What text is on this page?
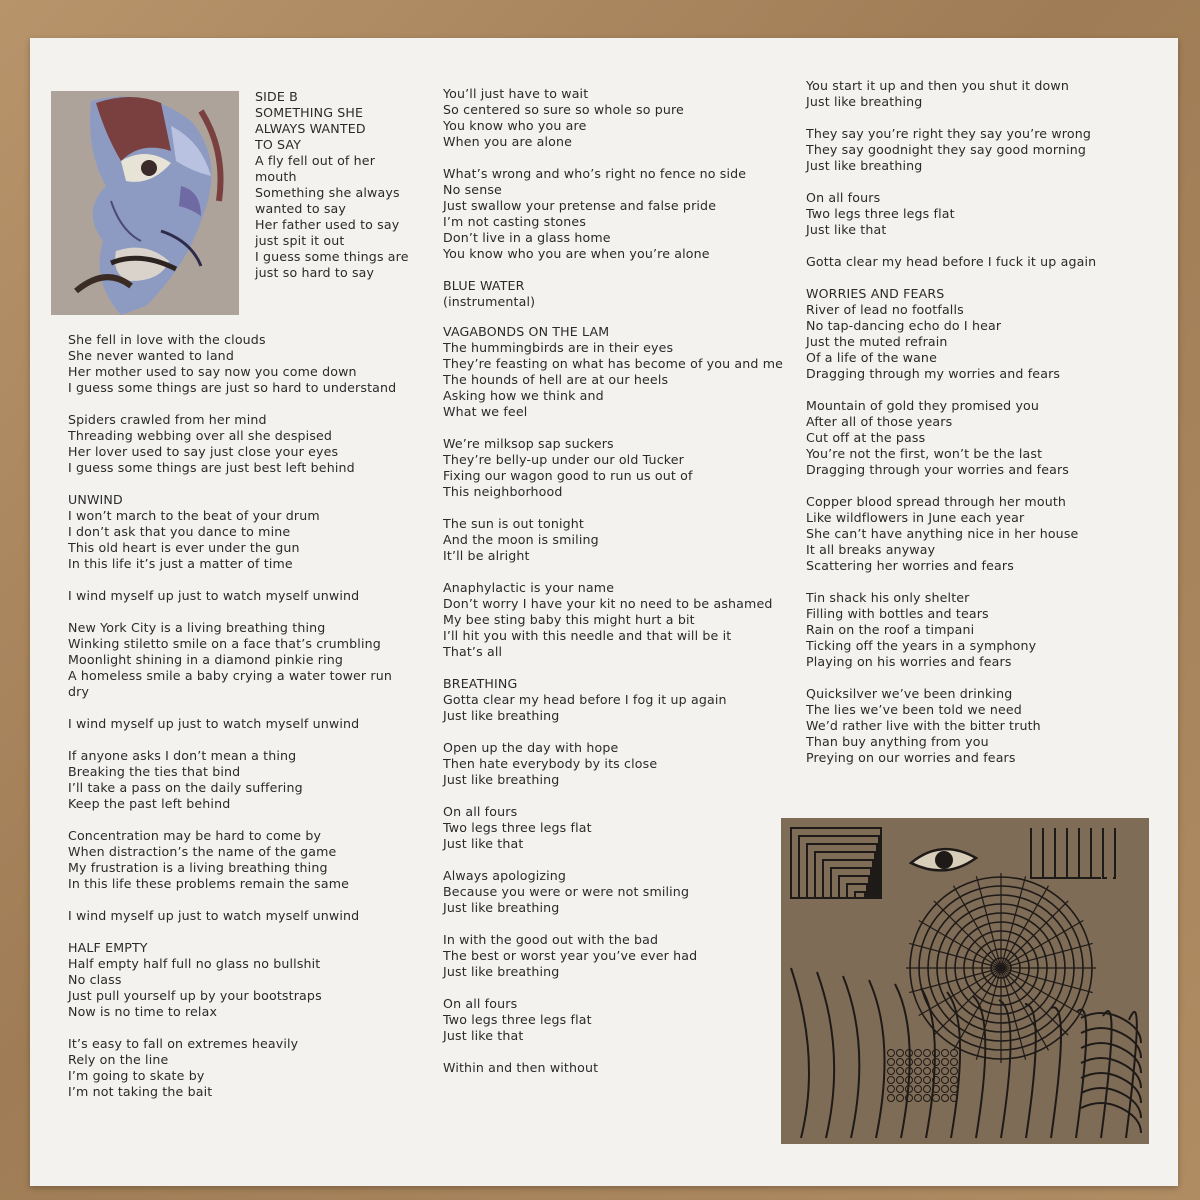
SIDE B

SOMETHING SHE

ALWAYS WANTED

TO SAY

A fly fell out of her

mouth

Something she always

wanted to say

Her father used to say

just spit it out

I guess some things are

just so hard to say

She fell in love with the clouds

She never wanted to land

Her mother used to say now you come down

I guess some things are just so hard to understand

Spiders crawled from her mind

Threading webbing over all she despised

Her lover used to say just close your eyes

I guess some things are just best left behind

UNWIND

I won’t march to the beat of your drum

I don’t ask that you dance to mine

This old heart is ever under the gun

In this life it’s just a matter of time

I wind myself up just to watch myself unwind

New York City is a living breathing thing

Winking stiletto smile on a face that’s crumbling

Moonlight shining in a diamond pinkie ring

A homeless smile a baby crying a water tower run dry

I wind myself up just to watch myself unwind

If anyone asks I don’t mean a thing

Breaking the ties that bind

I’ll take a pass on the daily suffering

Keep the past left behind

Concentration may be hard to come by

When distraction’s the name of the game

My frustration is a living breathing thing

In this life these problems remain the same

I wind myself up just to watch myself unwind

HALF EMPTY

Half empty half full no glass no bullshit

No class

Just pull yourself up by your bootstraps

Now is no time to relax

It’s easy to fall on extremes heavily

Rely on the line

I’m going to skate by

I’m not taking the bait

You’ll just have to wait

So centered so sure so whole so pure

You know who you are

When you are alone

What’s wrong and who’s right no fence no side

No sense

Just swallow your pretense and false pride

I’m not casting stones

Don’t live in a glass home

You know who you are when you’re alone

BLUE WATER

(instrumental)

VAGABONDS ON THE LAM

The hummingbirds are in their eyes

They’re feasting on what has become of you and me

The hounds of hell are at our heels

Asking how we think and

What we feel

We’re milksop sap suckers

They’re belly-up under our old Tucker

Fixing our wagon good to run us out of

This neighborhood

The sun is out tonight

And the moon is smiling

It’ll be alright

Anaphylactic is your name

Don’t worry I have your kit no need to be ashamed

My bee sting baby this might hurt a bit

I’ll hit you with this needle and that will be it

That’s all

BREATHING

Gotta clear my head before I fog it up again

Just like breathing

Open up the day with hope

Then hate everybody by its close

Just like breathing

On all fours

Two legs three legs flat

Just like that

Always apologizing

Because you were or were not smiling

Just like breathing

In with the good out with the bad

The best or worst year you’ve ever had

Just like breathing

On all fours

Two legs three legs flat

Just like that

Within and then without

You start it up and then you shut it down

Just like breathing

They say you’re right they say you’re wrong

They say goodnight they say good morning

Just like breathing

On all fours

Two legs three legs flat

Just like that

Gotta clear my head before I fuck it up again

WORRIES AND FEARS

River of lead no footfalls

No tap-dancing echo do I hear

Just the muted refrain

Of a life of the wane

Dragging through my worries and fears

Mountain of gold they promised you

After all of those years

Cut off at the pass

You’re not the first, won’t be the last

Dragging through your worries and fears

Copper blood spread through her mouth

Like wildflowers in June each year

She can’t have anything nice in her house

It all breaks anyway

Scattering her worries and fears

Tin shack his only shelter

Filling with bottles and tears

Rain on the roof a timpani

Ticking off the years in a symphony

Playing on his worries and fears

Quicksilver we’ve been drinking

The lies we’ve been told we need

We’d rather live with the bitter truth

Than buy anything from you

Preying on our worries and fears
